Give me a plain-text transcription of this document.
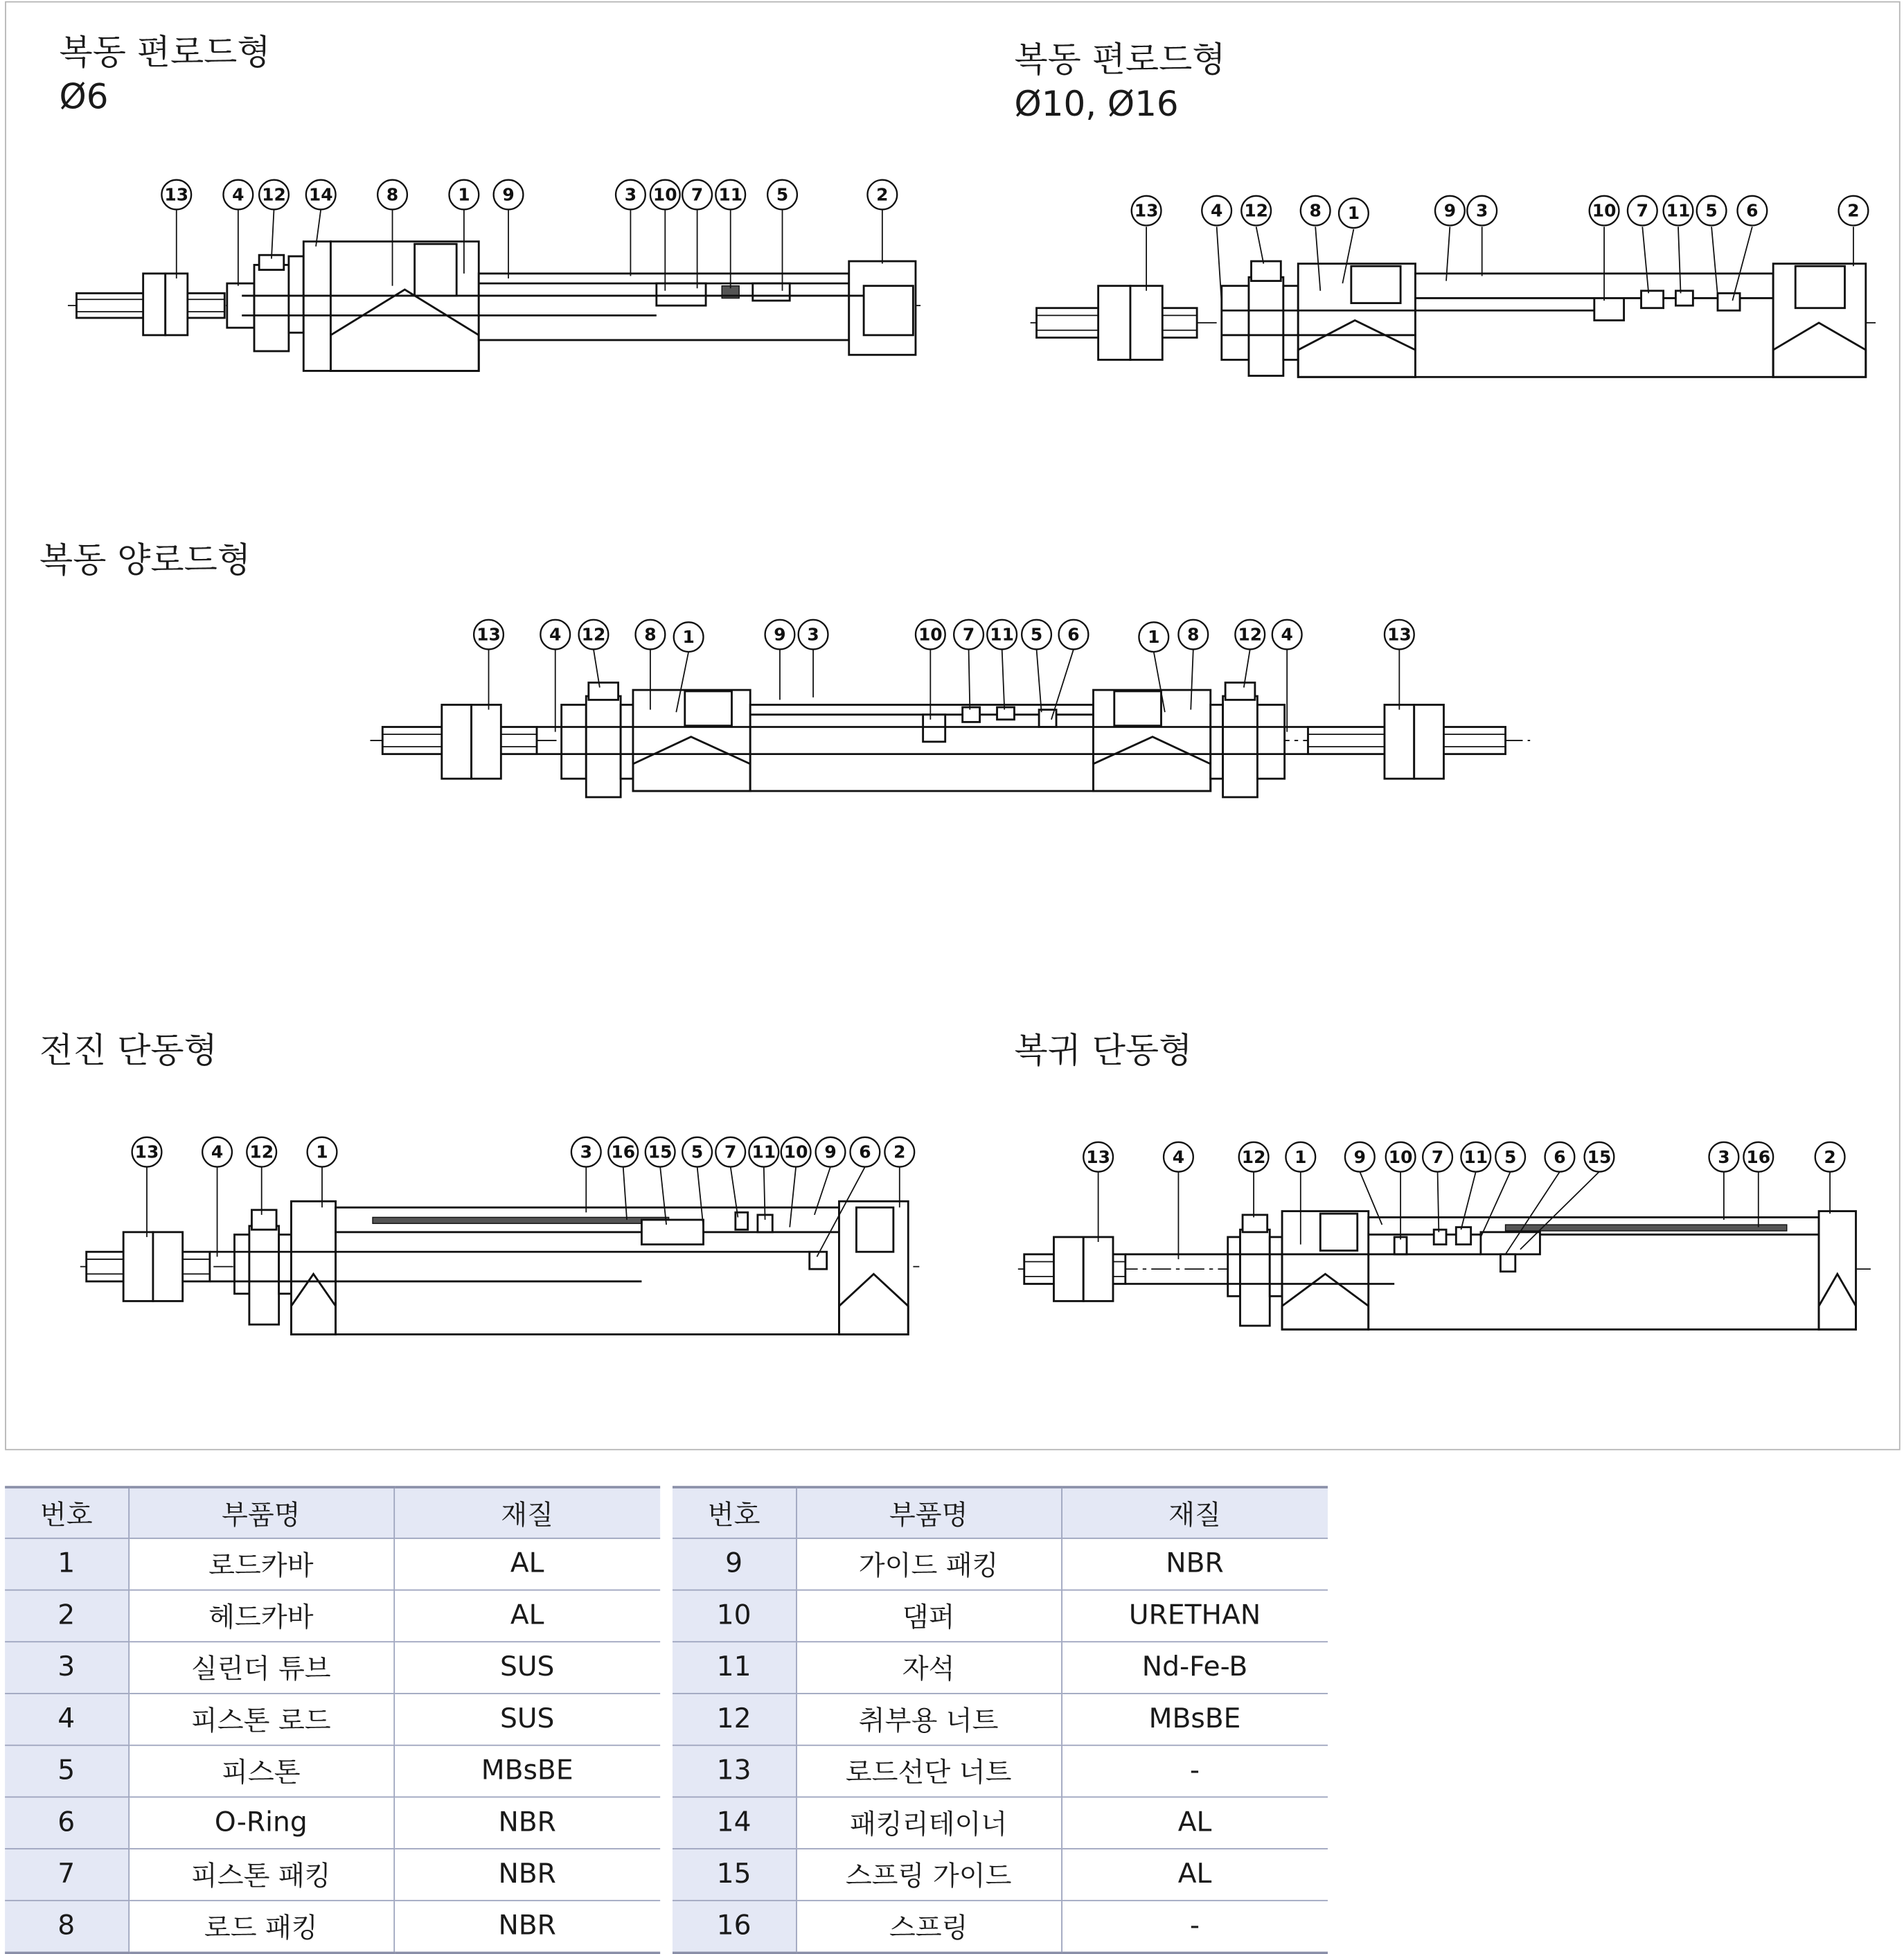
복동 편로드형
Ø6
복동 편로드형
Ø10, Ø16
복동 양로드형
전진 단동형	복귀 단동형
13	4 12 14	8	1	9	3 10 7 11	5	2
13	4 12	8	1	9 3	10 7 11 5	6	2
13	4 12	8	1	9 3	10 7 11 5	6	1	8	12 4	13
13	4	12	1	3 16 15 5 7 11 10 9 6 2	13	4	12	1	9 10 7 11 5	6 15	3 16	2
번호	부품명	재질
1	로드카바	AL
2	헤드카바	AL
3	실린더 튜브	SUS
4	피스톤 로드	SUS
5	피스톤	MBsBE
6	O-Ring	NBR
7	피스톤 패킹	NBR
8	로드 패킹	NBR
번호	부품명	재질
9	가이드 패킹	NBR
10	댐퍼	URETHAN
11	자석	Nd-Fe-B
12	취부용 너트	MBsBE
13	로드선단 너트	-
14	패킹리테이너	AL
15	스프링 가이드	AL
16	스프링	-
